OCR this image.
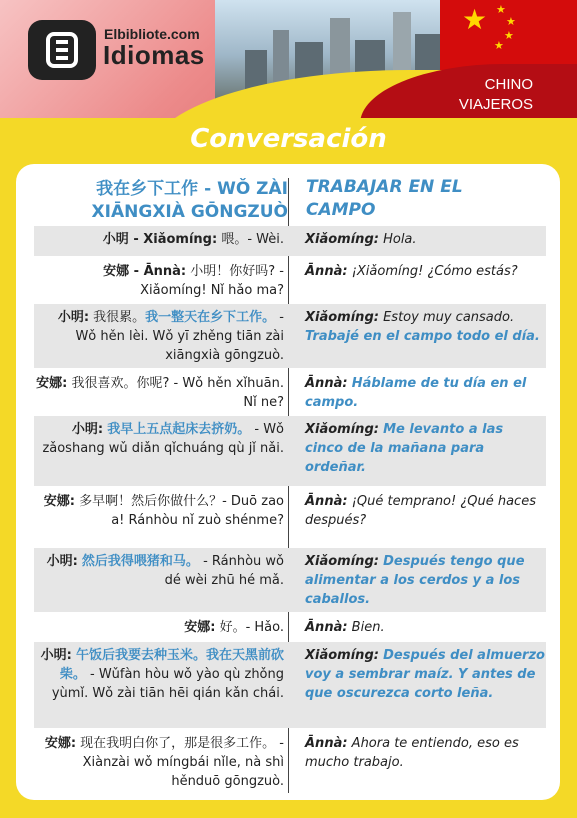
★ ★
★
★
★
Elbibliote.com
Idiomas
CHINO
VIAJEROS
Conversación
我在乡下工作 - WǑ ZÀI XIĀNGXIÀ GŌNGZUÒ
TRABAJAR EN EL CAMPO
小明 - Xiǎomíng: 喂。- Wèi. Xiǎomíng: Hola.
安娜 - Ānnà: 小明！你好吗? - Xiǎomíng! Nǐ hǎo ma?
Ānnà: ¡Xiǎomíng! ¿Cómo estás?
小明: 我很累。我一整天在乡下工作。 - Wǒ hěn lèi. Wǒ yī zhěng tiān zài xiāngxià gōngzuò.
Xiǎomíng: Estoy muy cansado. Trabajé en el campo todo el día.
安娜: 我很喜欢。你呢? - Wǒ hěn xǐhuān. Nǐ ne?
Ānnà: Háblame de tu día en el campo.
小明: 我早上五点起床去挤奶。 - Wǒ zǎoshang wǔ diǎn qǐchuáng qù jǐ nǎi.
Xiǎomíng: Me levanto a las cinco de la mañana para ordeñar.
安娜: 多早啊！然后你做什么？- Duō zao a! Ránhòu nǐ zuò shénme?
Ānnà: ¡Qué temprano! ¿Qué haces después?
小明: 然后我得喂猪和马。 - Ránhòu wǒ dé wèi zhū hé mǎ.
Xiǎomíng: Después tengo que alimentar a los cerdos y a los caballos.
安娜: 好。- Hǎo. Ānnà: Bien.
小明: 午饭后我要去种玉米。我在天黑前砍柴。 - Wǔfàn hòu wǒ yào qù zhǒng yùmǐ. Wǒ zài tiān hēi qián kǎn chái.
Xiǎomíng: Después del almuerzo voy a sembrar maíz. Y antes de que oscurezca corto leña.
安娜: 现在我明白你了，那是很多工作。 - Xiànzài wǒ míngbái nǐle, nà shì hěnduō gōngzuò.
Ānnà: Ahora te entiendo, eso es mucho trabajo.
